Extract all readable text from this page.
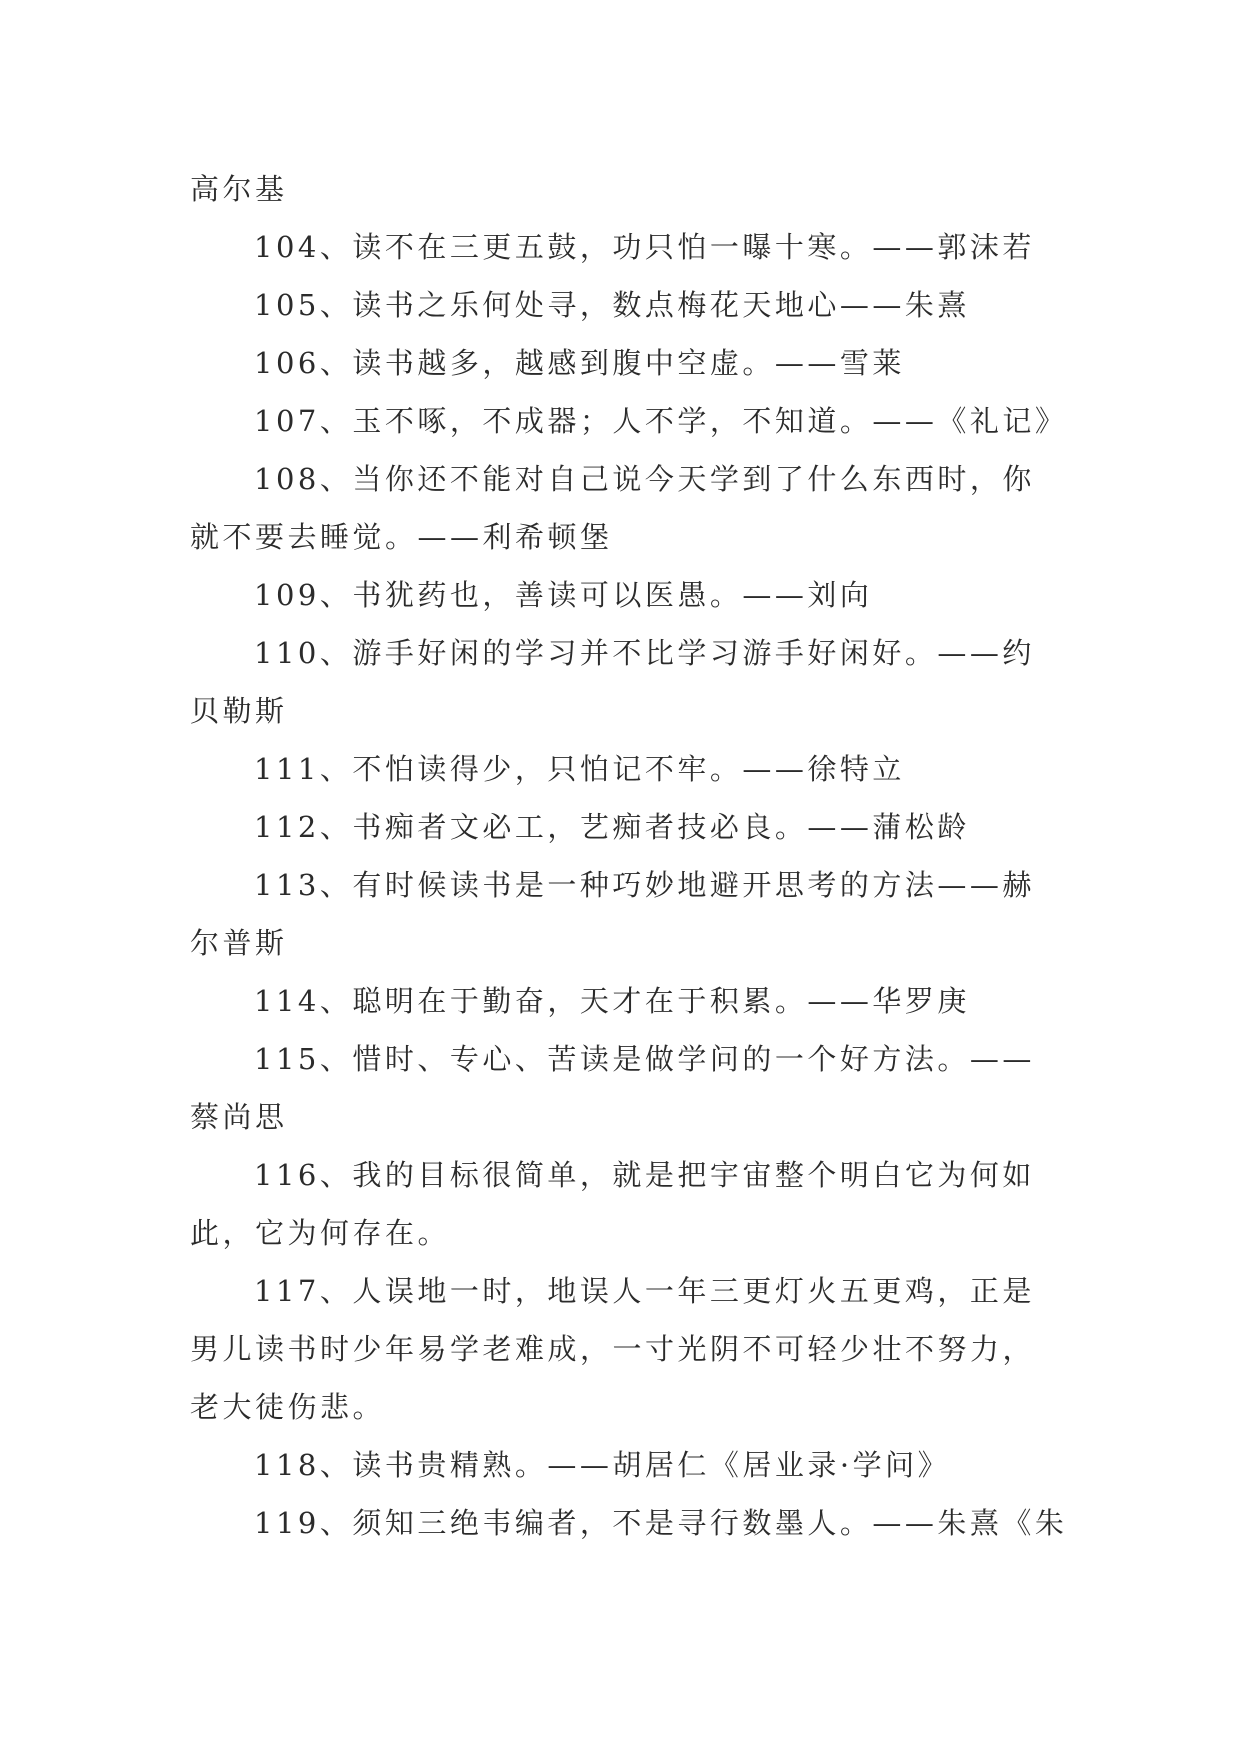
高尔基
104、读不在三更五鼓，功只怕一曝十寒。——郭沫若
105、读书之乐何处寻，数点梅花天地心——朱熹
106、读书越多，越感到腹中空虚。——雪莱
107、玉不啄，不成器；人不学，不知道。——《礼记》
108、当你还不能对自己说今天学到了什么东西时，你
就不要去睡觉。——利希顿堡
109、书犹药也，善读可以医愚。——刘向
110、游手好闲的学习并不比学习游手好闲好。——约
贝勒斯
111、不怕读得少，只怕记不牢。——徐特立
112、书痴者文必工，艺痴者技必良。——蒲松龄
113、有时候读书是一种巧妙地避开思考的方法——赫
尔普斯
114、聪明在于勤奋，天才在于积累。——华罗庚
115、惜时、专心、苦读是做学问的一个好方法。——
蔡尚思
116、我的目标很简单，就是把宇宙整个明白它为何如
此，它为何存在。
117、人误地一时，地误人一年三更灯火五更鸡，正是
男儿读书时少年易学老难成，一寸光阴不可轻少壮不努力，
老大徒伤悲。
118、读书贵精熟。——胡居仁《居业录·学问》
119、须知三绝韦编者，不是寻行数墨人。——朱熹《朱
